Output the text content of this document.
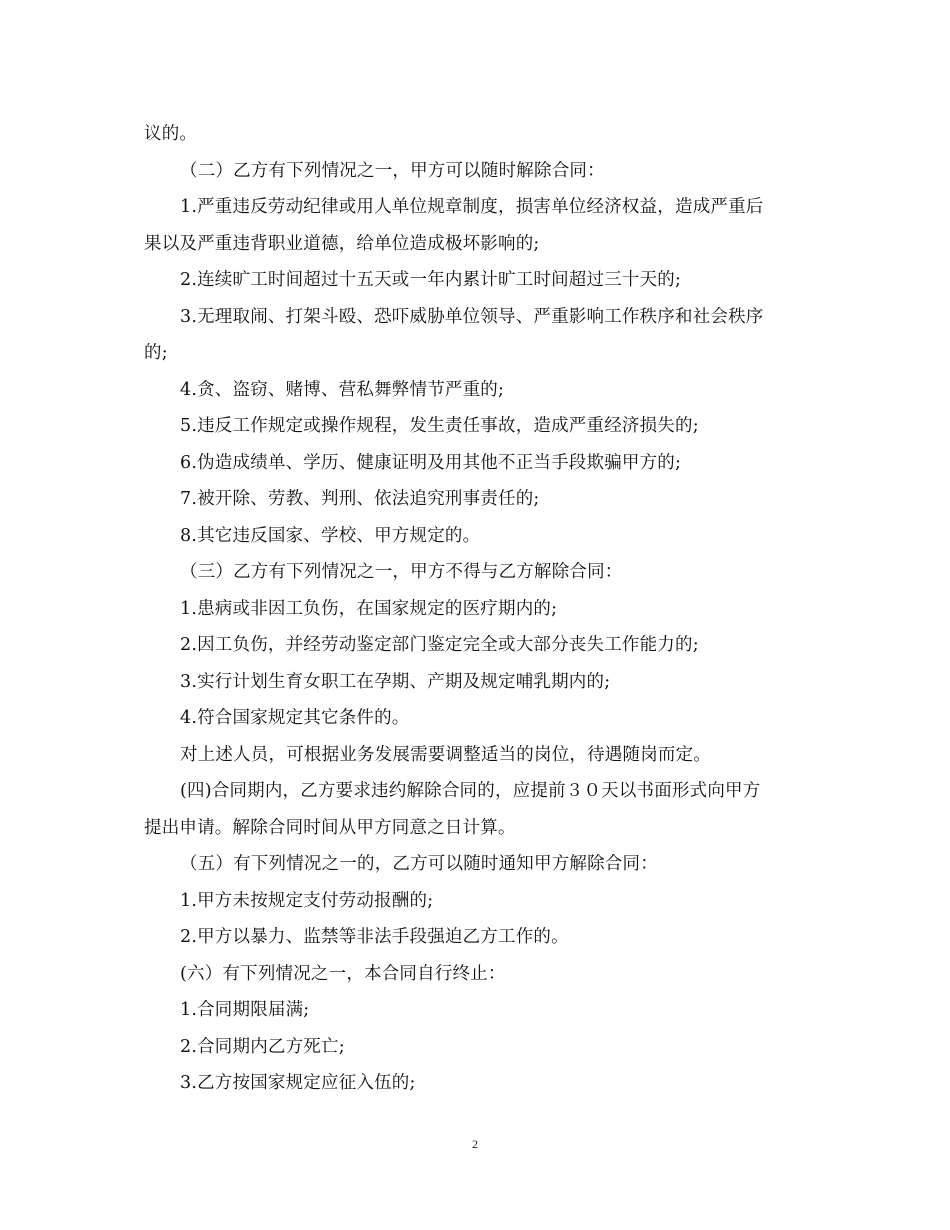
议的。
（二）乙方有下列情况之一，甲方可以随时解除合同：
1.严重违反劳动纪律或用人单位规章制度，损害单位经济权益，造成严重后
果以及严重违背职业道德，给单位造成极坏影响的;
2.连续旷工时间超过十五天或一年内累计旷工时间超过三十天的;
3.无理取闹、打架斗殴、恐吓威胁单位领导、严重影响工作秩序和社会秩序
的;
4.贪、盗窃、赌博、营私舞弊情节严重的;
5.违反工作规定或操作规程，发生责任事故，造成严重经济损失的;
6.伪造成绩单、学历、健康证明及用其他不正当手段欺骗甲方的;
7.被开除、劳教、判刑、依法追究刑事责任的;
8.其它违反国家、学校、甲方规定的。
（三）乙方有下列情况之一，甲方不得与乙方解除合同：
1.患病或非因工负伤，在国家规定的医疗期内的;
2.因工负伤，并经劳动鉴定部门鉴定完全或大部分丧失工作能力的;
3.实行计划生育女职工在孕期、产期及规定哺乳期内的;
4.符合国家规定其它条件的。
对上述人员，可根据业务发展需要调整适当的岗位，待遇随岗而定。
(四)合同期内，乙方要求违约解除合同的，应提前３０天以书面形式向甲方
提出申请。解除合同时间从甲方同意之日计算。
（五）有下列情况之一的，乙方可以随时通知甲方解除合同：
1.甲方未按规定支付劳动报酬的;
2.甲方以暴力、监禁等非法手段强迫乙方工作的。
(六）有下列情况之一，本合同自行终止：
1.合同期限届满;
2.合同期内乙方死亡;
3.乙方按国家规定应征入伍的;
2
